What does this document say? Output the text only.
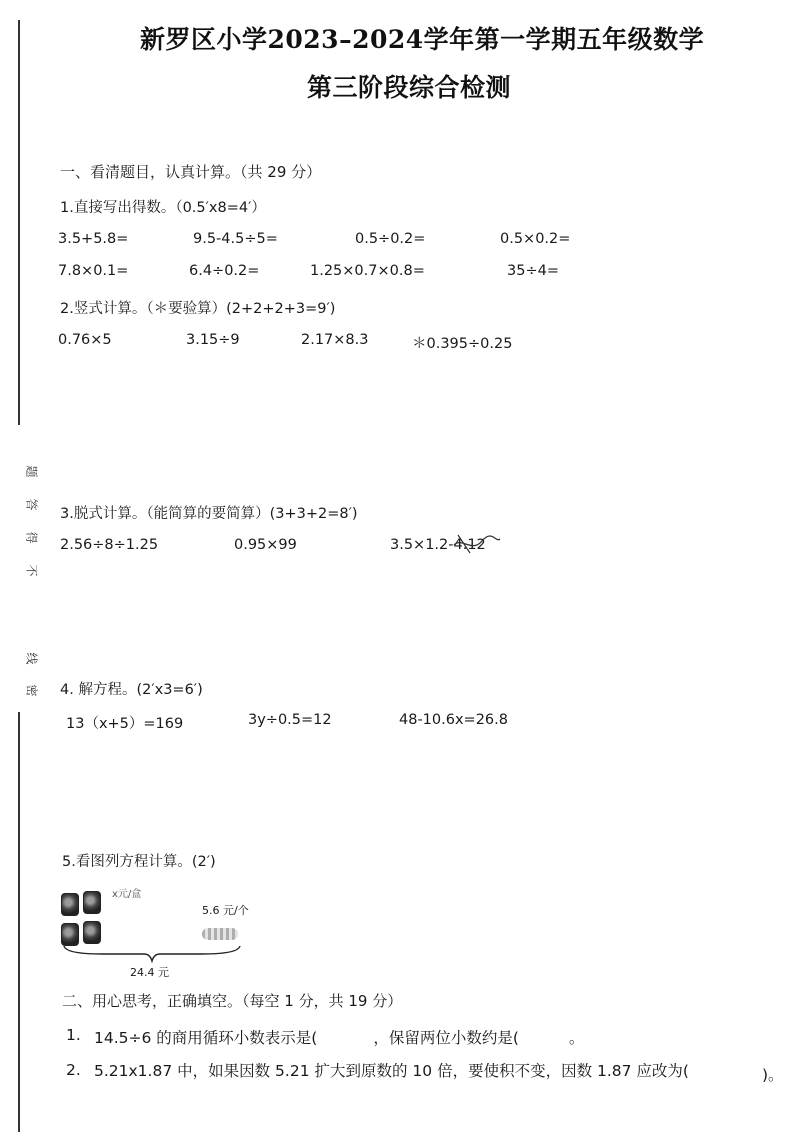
新罗区小学2023–2024学年第一学期五年级数学
第三阶段综合检测
题
答
得
不
线
密
一、看清题目，认真计算。（共 29 分）
1.直接写出得数。（0.5′x8=4′）
3.5+5.8=	9.5-4.5÷5=	0.5÷0.2=	0.5×0.2=
7.8×0.1=	6.4÷0.2=	1.25×0.7×0.8=	35÷4=
2.竖式计算。（＊要验算）(2+2+2+3=9′)
0.76×5	3.15÷9	2.17×8.3	＊0.395÷0.25
3.脱式计算。（能简算的要简算）(3+3+2=8′)
2.56÷8÷1.25	0.95×99	3.5×1.2-4.12
4. 解方程。(2′x3=6′)
13（x+5）=169	3y÷0.5=12	48-10.6x=26.8
5.看图列方程计算。(2′)
x元/盒
5.6 元/个
24.4 元
二、用心思考，正确填空。（每空 1 分，共 19 分）
1. 14.5÷6 的商用循环小数表示是(	，保留两位小数约是(	。
2. 5.21x1.87 中，如果因数 5.21 扩大到原数的 10 倍，要使积不变，因数 1.87 应改为(	)。
